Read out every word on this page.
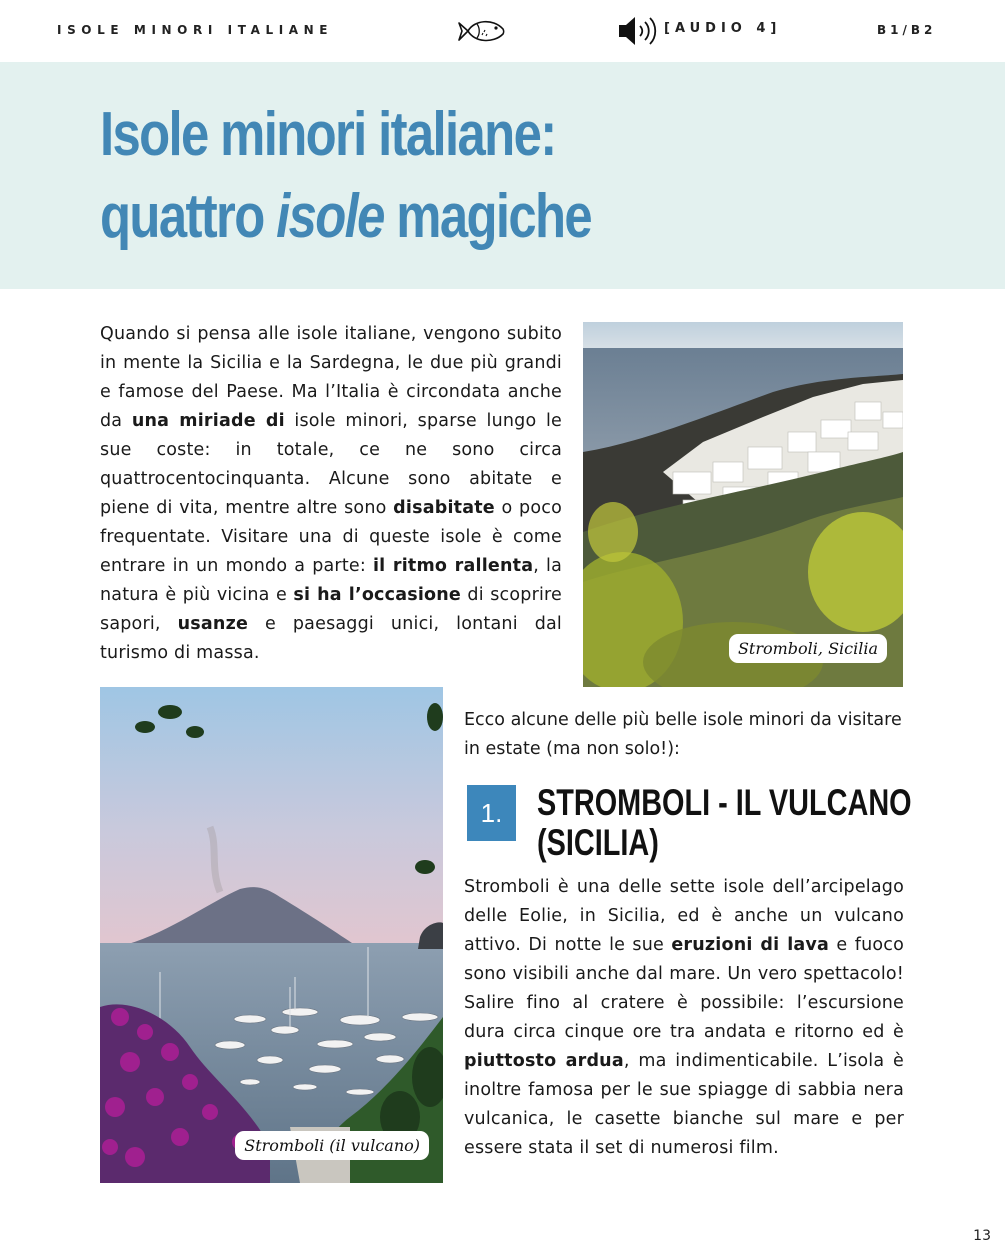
ISOLE MINORI ITALIANE	[AUDIO 4]	B1/B2
Isole minori italiane:
quattro isole magiche

Quando si pensa alle isole italiane, vengono subito in mente la Sicilia e la Sardegna, le due più grandi e famose del Paese. Ma l’Italia è circondata anche da una miriade di isole minori, sparse lungo le sue coste: in totale, ce ne sono circa quattrocentocinquanta. Alcune sono abitate e piene di vita, mentre altre sono disabitate o poco frequentate. Visitare una di queste isole è come entrare in un mondo a parte: il ritmo rallenta, la natura è più vicina e si ha l’occasione di scoprire sapori, usanze e paesaggi unici, lontani dal turismo di massa.	Stromboli, Sicilia
Stromboli (il vulcano)

Ecco alcune delle più belle isole minori da visitare in estate (ma non solo!):

1. STROMBOLI - IL VULCANO
(SICILIA)

Stromboli è una delle sette isole dell’arcipelago delle Eolie, in Sicilia, ed è anche un vulcano attivo. Di notte le sue eruzioni di lava e fuoco sono visibili anche dal mare. Un vero spettacolo! Salire fino al cratere è possibile: l’escursione dura circa cinque ore tra andata e ritorno ed è piuttosto ardua, ma indimenticabile. L’isola è inoltre famosa per le sue spiagge di sabbia nera vulcanica, le casette bianche sul mare e per essere stata il set di numerosi film.

13
